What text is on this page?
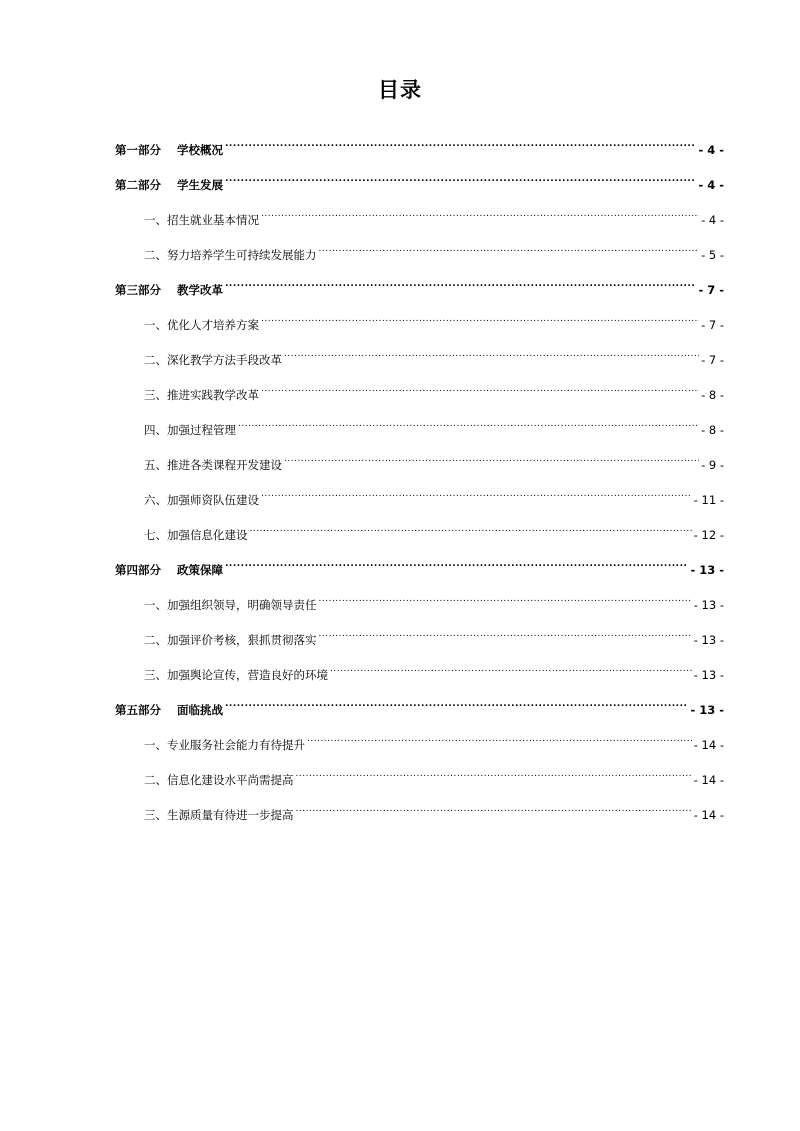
目录
第一部分 学校概况 .....	- 4 -
第二部分 学生发展 .....	- 4 -
一、招生就业基本情况 .....	- 4 -
二、努力培养学生可持续发展能力 .....	- 5 -
第三部分 教学改革 .....	- 7 -
一、优化人才培养方案 .....	- 7 -
二、深化教学方法手段改革 .....	- 7 -
三、推进实践教学改革 .....	- 8 -
四、加强过程管理 .....	- 8 -
五、推进各类课程开发建设 .....	- 9 -
六、加强师资队伍建设 .....	- 11 -
七、加强信息化建设 .....	- 12 -
第四部分 政策保障 .....	- 13 -
一、加强组织领导，明确领导责任 .....	- 13 -
二、加强评价考核，狠抓贯彻落实 .....	- 13 -
三、加强舆论宣传，营造良好的环境 .....	- 13 -
第五部分 面临挑战 .....	- 13 -
一、专业服务社会能力有待提升 .....	- 14 -
二、信息化建设水平尚需提高 .....	- 14 -
三、生源质量有待进一步提高 .....	- 14 -
